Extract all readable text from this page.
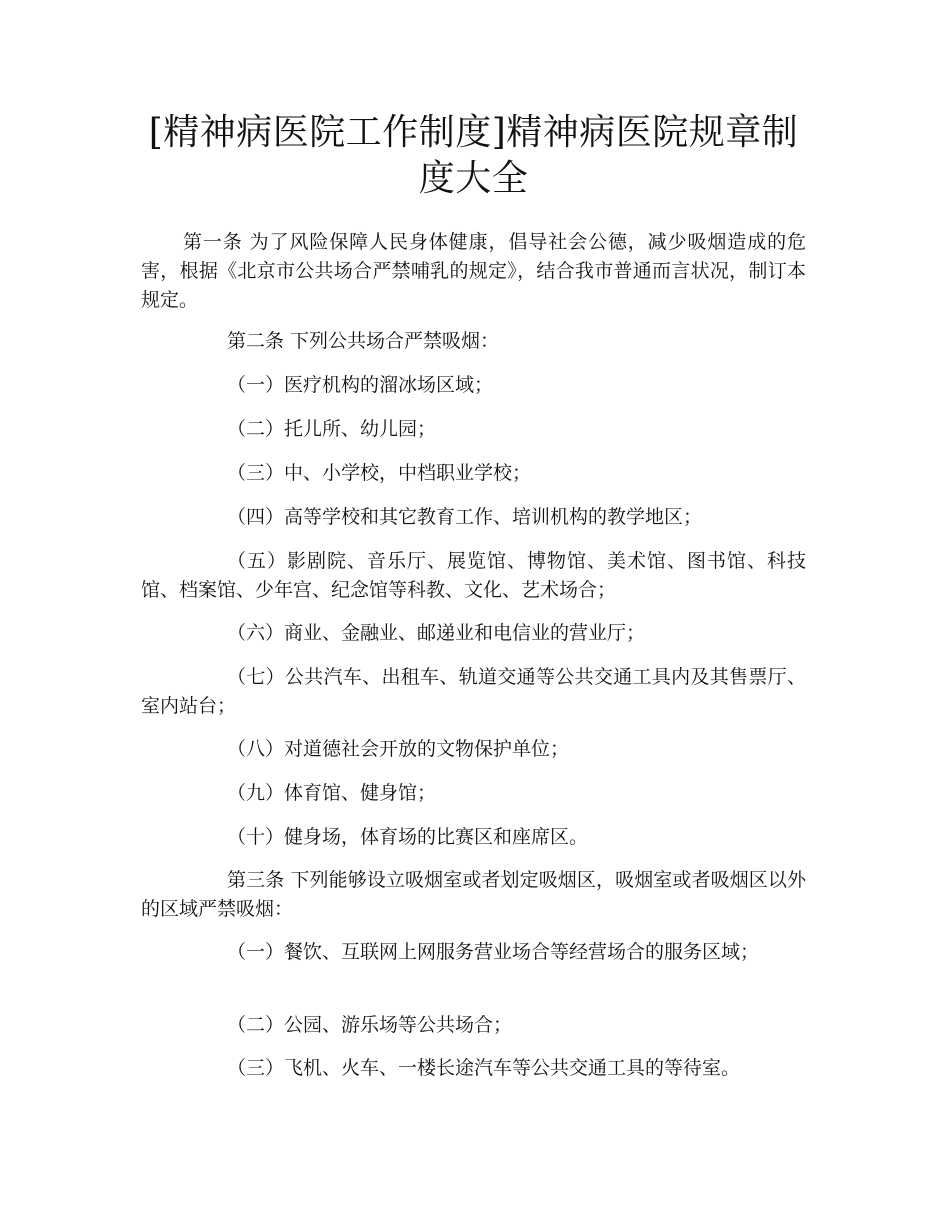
[精神病医院工作制度]精神病医院规章制度大全

第一条 为了风险保障人民身体健康，倡导社会公德，减少吸烟造成的危害，根据《北京市公共场合严禁哺乳的规定》，结合我市普通而言状况，制订本规定。

第二条 下列公共场合严禁吸烟：

（一）医疗机构的溜冰场区域；

（二）托儿所、幼儿园；

（三）中、小学校，中档职业学校；

（四）高等学校和其它教育工作、培训机构的教学地区；

（五）影剧院、音乐厅、展览馆、博物馆、美术馆、图书馆、科技馆、档案馆、少年宫、纪念馆等科教、文化、艺术场合；

（六）商业、金融业、邮递业和电信业的营业厅；

（七）公共汽车、出租车、轨道交通等公共交通工具内及其售票厅、室内站台；

（八）对道德社会开放的文物保护单位；

（九）体育馆、健身馆；

（十）健身场，体育场的比赛区和座席区。

第三条 下列能够设立吸烟室或者划定吸烟区，吸烟室或者吸烟区以外的区域严禁吸烟：

（一）餐饮、互联网上网服务营业场合等经营场合的服务区域；

（二）公园、游乐场等公共场合；

（三）飞机、火车、一楼长途汽车等公共交通工具的等待室。
